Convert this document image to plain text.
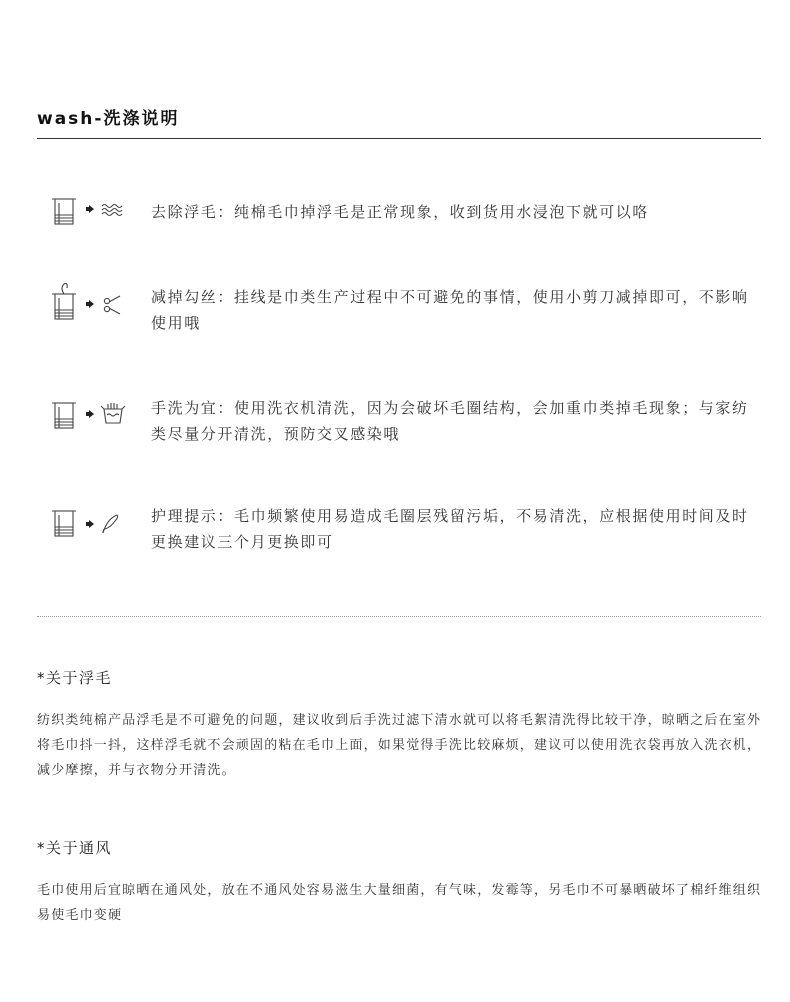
wash-洗涤说明
去除浮毛：纯棉毛巾掉浮毛是正常现象，收到货用水浸泡下就可以咯
减掉勾丝：挂线是巾类生产过程中不可避免的事情，使用小剪刀减掉即可，不影响使用哦
手洗为宜：使用洗衣机清洗，因为会破坏毛圈结构，会加重巾类掉毛现象；与家纺类尽量分开清洗，预防交叉感染哦
护理提示：毛巾频繁使用易造成毛圈层残留污垢，不易清洗，应根据使用时间及时更换建议三个月更换即可
*关于浮毛
纺织类纯棉产品浮毛是不可避免的问题，建议收到后手洗过滤下清水就可以将毛絮清洗得比较干净，晾晒之后在室外将毛巾抖一抖，这样浮毛就不会顽固的粘在毛巾上面，如果觉得手洗比较麻烦，建议可以使用洗衣袋再放入洗衣机，减少摩擦，并与衣物分开清洗。
*关于通风
毛巾使用后宜晾晒在通风处，放在不通风处容易滋生大量细菌，有气味，发霉等，另毛巾不可暴晒破坏了棉纤维组织易使毛巾变硬
